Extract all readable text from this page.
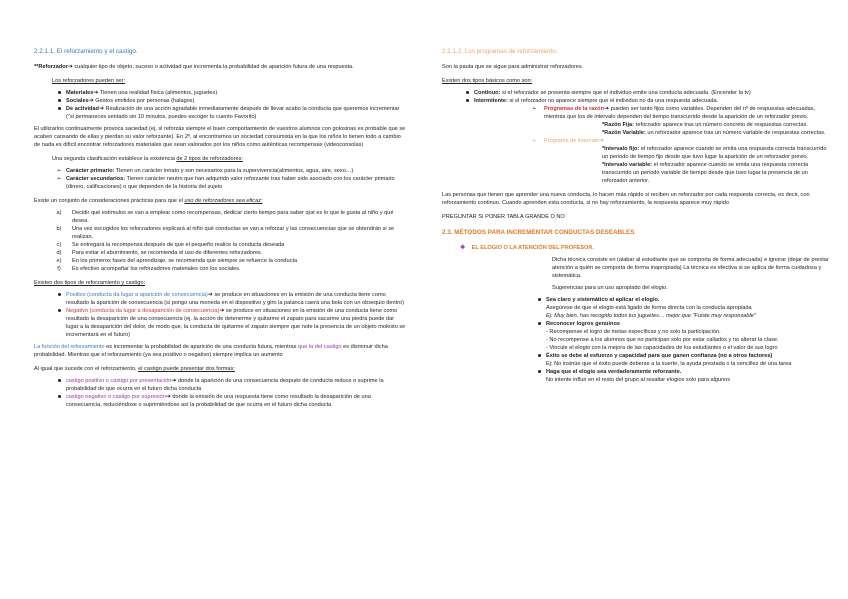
2.2.1.1. El reforzamiento y el castigo.

**Reforzador➔ cualquier tipo de objeto, suceso o actividad que incrementa la probabilidad de aparición futura de una respuesta.

Los reforzadores pueden ser:

Materiales➔ Tienen una realidad física (alimentos, juguetes)
Sociales➔ Gestos emitidos por personas (halagos)
De actividad➔ Realización de una acción agradable inmediatamente después de llevar acabo la conducta que queremos incrementar ("si permaneces sentado sin 10 minutos, puedes escoger tu cuento Favorito)

El utilizarlos continuamente provoca saciedad (ej, si reforzás siempre el buen comportamiento de vuestros alumnos con golosinas es probable que se acaben cansando de ellas y pierdan su valor reforzante). En 2º, al encontrarnos un sociedad consumista en la que los niños lo tienen todo a cambio de nada es difícil encontrar reforzadores materiales que sean valorados por los niños como auténticas recompensas (videoconsolas)

Una segunda clasificación establece la existencia de 2 tipos de reforzadores:

➢ Carácter primario: Tienen un carácter innato y son necesarios para la supervivencia(alimentos, agua, aire, sexo…)
➢ Carácter secundarios: Tienen carácter neutro que han adquirido valor reforzante tras haber sido asociado con los carácter primario (dinero, calificaciones) o que dependen de la historia del sujeto

Existe un conjunto de consideraciones prácticas para que el uso de reforzadores sea eficaz:

a)	Decidir qué estímulos se van a emplear como recompensas, dedicar cierto tiempo para saber qué es lo que le gusta al niño y qué desea.
b)	Una vez escogidos los reforzadores explicará al niño qué conductas se van a reforzar y las consecuencias que se obtendrán si se realizan.
c)	Se entregará la recompensa después de que el pequeño realice la conducta deseada
d)	Para evitar el aburrimiento, se recomienda el uso de diferentes reforzadores.
e)	En los primeros fases del aprendizaje, se recomienda que siempre se refuerce la conducta
f)	Es efectivo acompañar los reforzadores materiales con los sociales.

Existen dos tipos de reforzamiento y castigo:

Positivo (conducta da lugar a aparición de consecuencia)➔ se produce en situaciones en la emisión de una conducta tiene como resultado la aparición de consecuencia (si pongo una moneda en el dispositivo y giro la palanca caerá una bola con un obsequio dentro)
Negativo (conducta da lugar a desaparición de consecuencia)➔ se produce en situaciones en la emisión de una conducta tiene como resultado la desaparición de una consecuencia (ej. la acción de detenerme y quitarme el zapato para sacarme una piedra puede dar lugar a la desaparición del dolor, de modo que, la conducta de quitarme el zapato siempre que note la presencia de un objeto molesto se incrementará en el futuro)

La función del reforzamiento es incrementar la probabilidad de aparición de una conducta futura, mientras que la del castigo es disminuir dicha probabilidad. Mientras que el reforzamiento (ya sea positivo o negativo) siempre implica un aumento

Al igual que sucede con el reforzamiento, el castigo puede presentar dos formas:

castigo positivo o castigo por presentación➔ donde la aparición de una consecuencia después de conducta reduce o suprime la probabilidad de que ocurra en el futuro dicha conducta
castigo negativo o castigo por supresión➔ donde la emisión de una respuesta tiene como resultado la desaparición de una consecuencia, reduciéndose o suprimiéndose así la probabilidad de que ocurra en el futuro dicha conducta

2.2.1.2. Los programas de reforzamiento.

Son la pauta que se sigue para administrar reforzadores.

Existen dos tipos básicos como son:

Continuo: si el reforzador se presenta siempre que el individuo emite una conducta adecuada. (Encender la tv)
Intermitente: si el reforzador no aparece siempre que el individuo no da una respuesta adecuada.
➢	Programas de la razón➔ pueden ser tanto fijos como variables. Dependen del nº de respuestas adecuadas, mientras que los de intervalo dependen del tiempo transcurrido desde la aparición de un reforzador previo.

*Razón Fija: reforzador aparece tras un número concreto de respuestas correctas.

*Razón Variable: un reforzador aparece tras un número variable de respuestas correctas.

➢	Programa de intervalo➔

*Intervalo fijo: el reforzador aparece cuando se emita una respuesta correcta transcurrido un periodo de tiempo fijo desde que tuvo lugar la aparición de un reforzador previo.

*Intervalo variable: el reforzador aparece cuando se emita una respuesta correcta transcurrido un periodo variable de tiempo desde que tuvo lugar la presencia de un reforzador anterior.

Las personas que tienen que aprender una nueva conducta, lo hacen más rápido si reciben un reforzador por cada respuesta correcta, es decir, con reforzamiento continuo. Cuando aprenden esta conducta, si no hay reforzamiento, la respuesta aparece muy rápido

PREGUNTAR SI PONER TABLA GRANDE O NO

2.3. MÉTODOS PARA INCREMENTAR CONDUCTAS DESEABLES

❖ EL ELOGIO O LA ATENCIÓN DEL PROFESOR.

Dicha técnica consiste en (alabar al estudiante que se comporta de forma adecuada) e ignorar (dejar de prestar atención a quién se comporta de forma inapropiada) La técnica es efectiva si se aplica de forma cuidadosa y sistemática.

Sugerencias para un uso apropiado del elogio.

Sea claro y sistemático al aplicar el elogio.

Asegúrese de que el elogio está ligado de forma directa con la conducta apropiada

Ej: Muy bien, has recogido todos tus juguetes… mejor que "Fuiste muy responsable"

Reconocer logros genuinos

- Recompense el logro de metas específicas y no solo la participación.

- No recompense a los alumnos que no participan solo por estar callados y no alterar la clase.

- Vincule el elogio con la mejora de las capacidades de los estudiantes o el valor de sus logro

Éxito se debe al esfuerzo y capacidad para que ganen confianza (no a otros factores)

Ej: No insinúe que el éxito puede deberse a la suerte, la ayuda prestada o la sencillez de una tarea

Haga que el elogio sea verdaderamente reforzante.

No intente influir en el resto del grupo al resaltar elogios solo para algunos
